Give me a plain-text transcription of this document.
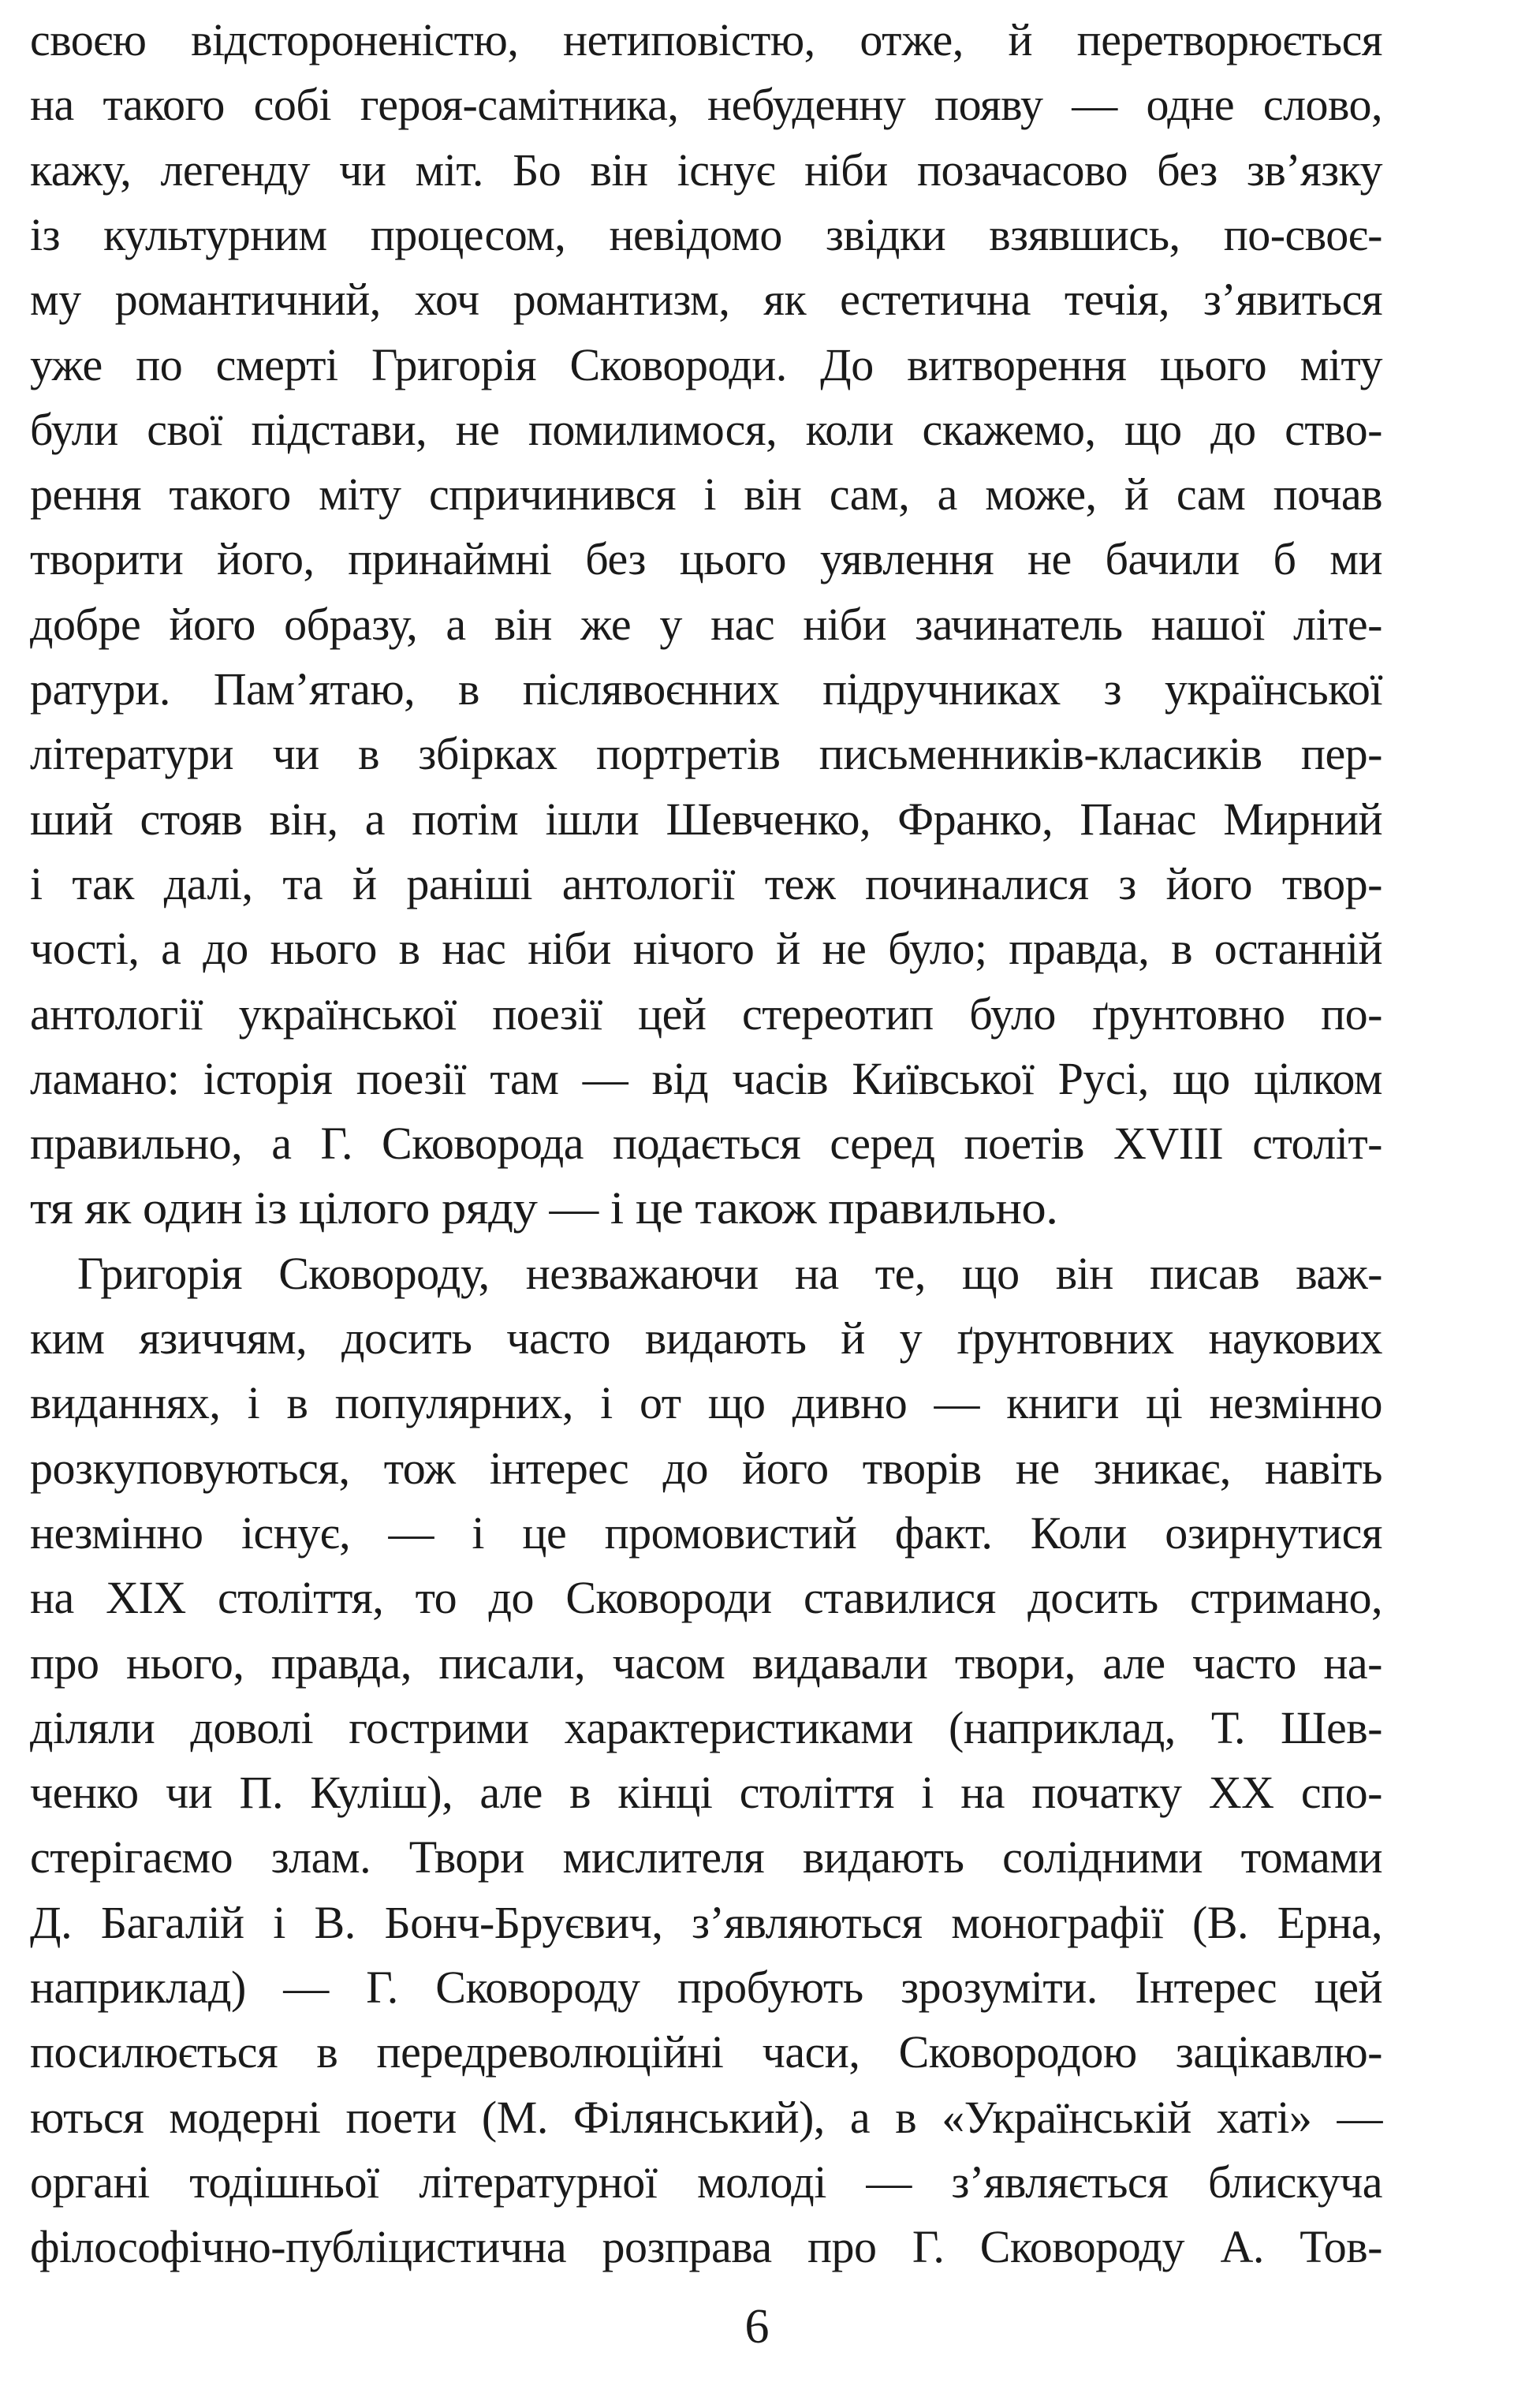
своєю відстороненістю, нетиповістю, отже, й перетворюється
на такого собі героя-самітника, небуденну появу — одне слово,
кажу, легенду чи міт. Бо він існує ніби позачасово без зв’язку
із культурним процесом, невідомо звідки взявшись, по-своє-
му романтичний, хоч романтизм, як естетична течія, з’явиться
уже по смерті Григорія Сковороди. До витворення цього міту
були свої підстави, не помилимося, коли скажемо, що до ство-
рення такого міту спричинився і він сам, а може, й сам почав
творити його, принаймні без цього уявлення не бачили б ми
добре його образу, а він же у нас ніби зачинатель нашої літе-
ратури. Пам’ятаю, в післявоєнних підручниках з української
літератури чи в збірках портретів письменників-класиків пер-
ший стояв він, а потім ішли Шевченко, Франко, Панас Мирний
і так далі, та й раніші антології теж починалися з його твор-
чості, а до нього в нас ніби нічого й не було; правда, в останній
антології української поезії цей стереотип було ґрунтовно по-
ламано: історія поезії там — від часів Київської Русі, що цілком
правильно, а Г. Сковорода подається серед поетів XVIII століт-
тя як один із цілого ряду — і це також правильно.
Григорія Сковороду, незважаючи на те, що він писав важ-
ким язиччям, досить часто видають й у ґрунтовних наукових
виданнях, і в популярних, і от що дивно — книги ці незмінно
розкуповуються, тож інтерес до його творів не зникає, навіть
незмінно існує, — і це промовистий факт. Коли озирнутися
на XIX століття, то до Сковороди ставилися досить стримано,
про нього, правда, писали, часом видавали твори, але часто на-
діляли доволі гострими характеристиками (наприклад, Т. Шев-
ченко чи П. Куліш), але в кінці століття і на початку XX спо-
стерігаємо злам. Твори мислителя видають солідними томами
Д. Багалій і В. Бонч-Бруєвич, з’являються монографії (В. Ерна,
наприклад) — Г. Сковороду пробують зрозуміти. Інтерес цей
посилюється в передреволюційні часи, Сковородою зацікавлю-
ються модерні поети (М. Філянський), а в «Українській хаті» —
органі тодішньої літературної молоді — з’являється блискуча
філософічно-публіцистична розправа про Г. Сковороду А. Тов-
6
